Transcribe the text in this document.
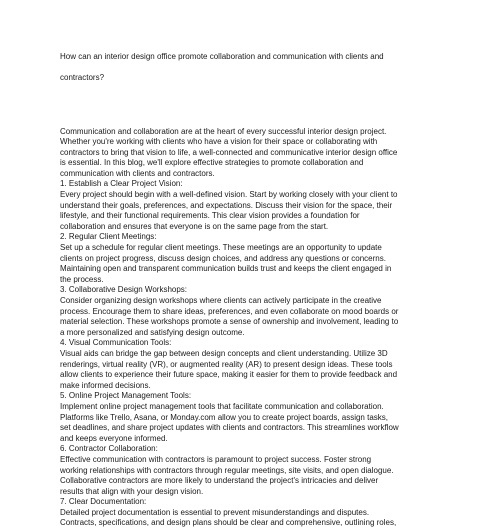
How can an interior design office promote collaboration and communication with clients and

contractors?

Communication and collaboration are at the heart of every successful interior design project.
Whether you're working with clients who have a vision for their space or collaborating with
contractors to bring that vision to life, a well-connected and communicative interior design office
is essential. In this blog, we'll explore effective strategies to promote collaboration and
communication with clients and contractors.
1. Establish a Clear Project Vision:
Every project should begin with a well-defined vision. Start by working closely with your client to
understand their goals, preferences, and expectations. Discuss their vision for the space, their
lifestyle, and their functional requirements. This clear vision provides a foundation for
collaboration and ensures that everyone is on the same page from the start.
2. Regular Client Meetings:
Set up a schedule for regular client meetings. These meetings are an opportunity to update
clients on project progress, discuss design choices, and address any questions or concerns.
Maintaining open and transparent communication builds trust and keeps the client engaged in
the process.
3. Collaborative Design Workshops:
Consider organizing design workshops where clients can actively participate in the creative
process. Encourage them to share ideas, preferences, and even collaborate on mood boards or
material selection. These workshops promote a sense of ownership and involvement, leading to
a more personalized and satisfying design outcome.
4. Visual Communication Tools:
Visual aids can bridge the gap between design concepts and client understanding. Utilize 3D
renderings, virtual reality (VR), or augmented reality (AR) to present design ideas. These tools
allow clients to experience their future space, making it easier for them to provide feedback and
make informed decisions.
5. Online Project Management Tools:
Implement online project management tools that facilitate communication and collaboration.
Platforms like Trello, Asana, or Monday.com allow you to create project boards, assign tasks,
set deadlines, and share project updates with clients and contractors. This streamlines workflow
and keeps everyone informed.
6. Contractor Collaboration:
Effective communication with contractors is paramount to project success. Foster strong
working relationships with contractors through regular meetings, site visits, and open dialogue.
Collaborative contractors are more likely to understand the project's intricacies and deliver
results that align with your design vision.
7. Clear Documentation:
Detailed project documentation is essential to prevent misunderstandings and disputes.
Contracts, specifications, and design plans should be clear and comprehensive, outlining roles,
